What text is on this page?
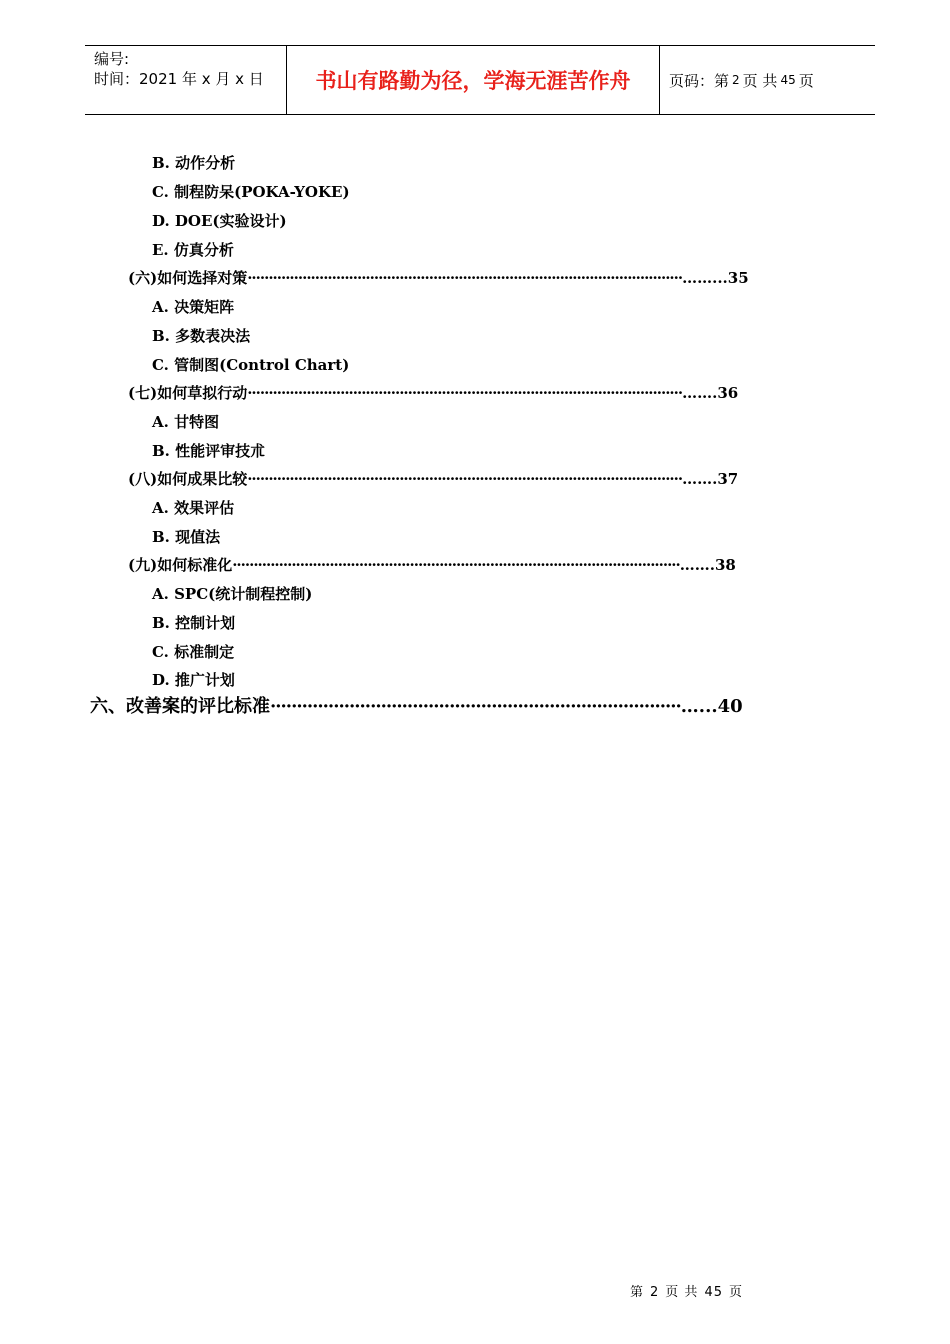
编号:
时间：2021 年 x 月 x 日	书山有路勤为径，学海无涯苦作舟	页码：第 2 页 共 45 页
B. 动作分析
C. 制程防呆(POKA-YOKE)
D. DOE(实验设计)
E. 仿真分析
(六)如何选择对策·······································································································……...35
A. 决策矩阵
B. 多数表决法
C. 管制图(Control Chart)
(七)如何草拟行动·······································································································…….36
A. 甘特图
B. 性能评审技朮
(八)如何成果比较·······································································································…….37
A. 效果评估
B. 现值法
(九)如何标准化··········································································································…….38
A. SPC(统计制程控制)
B. 控制计划
C. 标准制定
D. 推广计划
六、改善案的评比标准··············································································…...40
第 2 页 共 45 页
